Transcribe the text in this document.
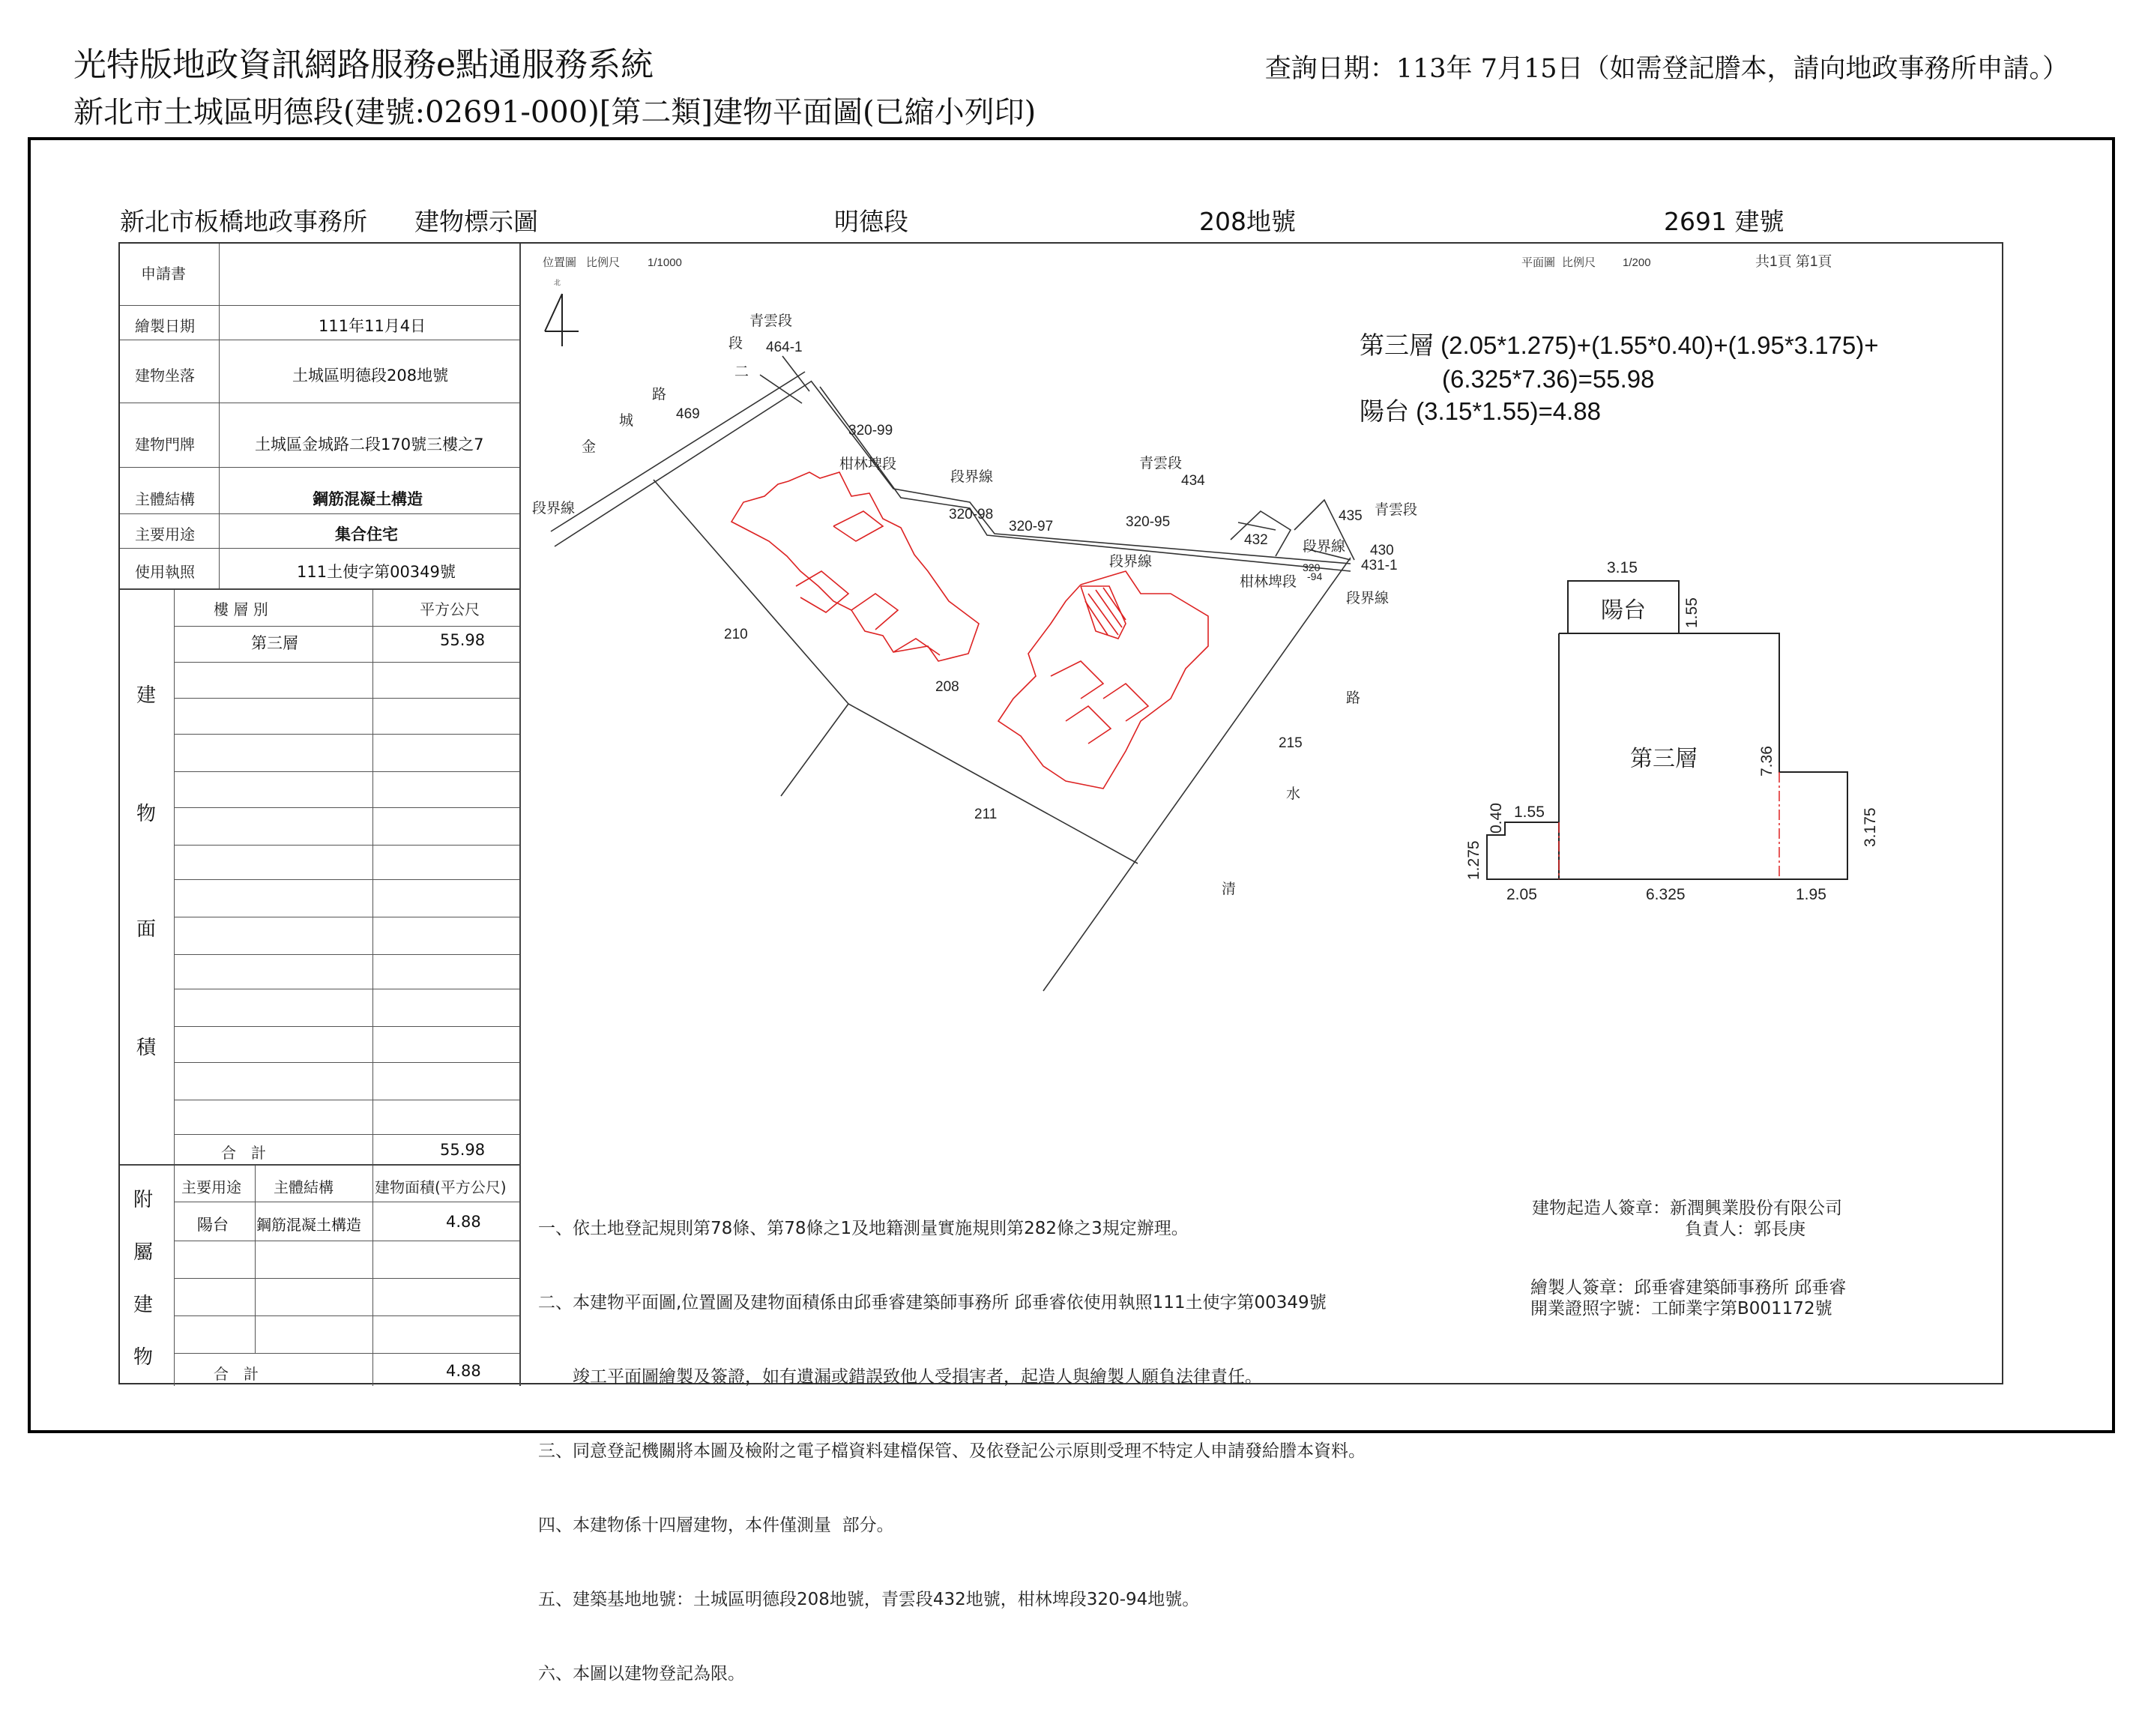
光特版地政資訊網路服務e點通服務系統
新北市土城區明德段(建號:02691-000)[第二類]建物平面圖(已縮小列印)
查詢日期：113年 7月15日（如需登記謄本，請向地政事務所申請。）
新北市板橋地政事務所 建物標示圖	明德段	208地號	2691 建號
申請書
繪製日期	111年11月4日
建物坐落	土城區明德段208地號
建物門牌	土城區金城路二段170號三樓之7
主體結構	鋼筋混凝土構造
主要用途	集合住宅
使用執照	111土使字第00349號
建
物
面
積
樓 層 別	平方公尺
第三層	55.98
合　計	55.98
附
屬
建
物
主要用途 主體結構	建物面積(平方公尺)
陽台 鋼筋混凝土構造	4.88
合　計	4.88
位置圖 比例尺 1/1000
北
青雲段
段 464-1
二
路
城
金
469
320-99
柑林埤段
段界線
青雲段
434
段界線	320-98
320-97	320-95
432
435 青雲段
段界線 430
431-1
段界線	320
-94
柑林埤段
段界線
210
208
路
215
水
211
清
平面圖 比例尺 1/200	共1頁 第1頁
第三層 (2.05*1.275)+(1.55*0.40)+(1.95*3.175)+
(6.325*7.36)=55.98
陽台 (3.15*1.55)=4.88
3.15
1.55
7.36
0.40 1.55
1.275
3.175
2.05	6.325	1.95
陽台
第三層

一、依土地登記規則第78條、第78條之1及地籍測量實施規則第282條之3規定辦理。

二、本建物平面圖,位置圖及建物面積係由邱垂睿建築師事務所 邱垂睿依使用執照111土使字第00349號

　　竣工平面圖繪製及簽證，如有遺漏或錯誤致他人受損害者，起造人與繪製人願負法律責任。

三、同意登記機關將本圖及檢附之電子檔資料建檔保管、及依登記公示原則受理不特定人申請發給謄本資料。

四、本建物係十四層建物，本件僅測量  部分。

五、建築基地地號：土城區明德段208地號，青雲段432地號，柑林埤段320-94地號。

六、本圖以建物登記為限。

建物起造人簽章：新潤興業股份有限公司
負責人：郭長庚
繪製人簽章：邱垂睿建築師事務所 邱垂睿
開業證照字號：工師業字第B001172號
